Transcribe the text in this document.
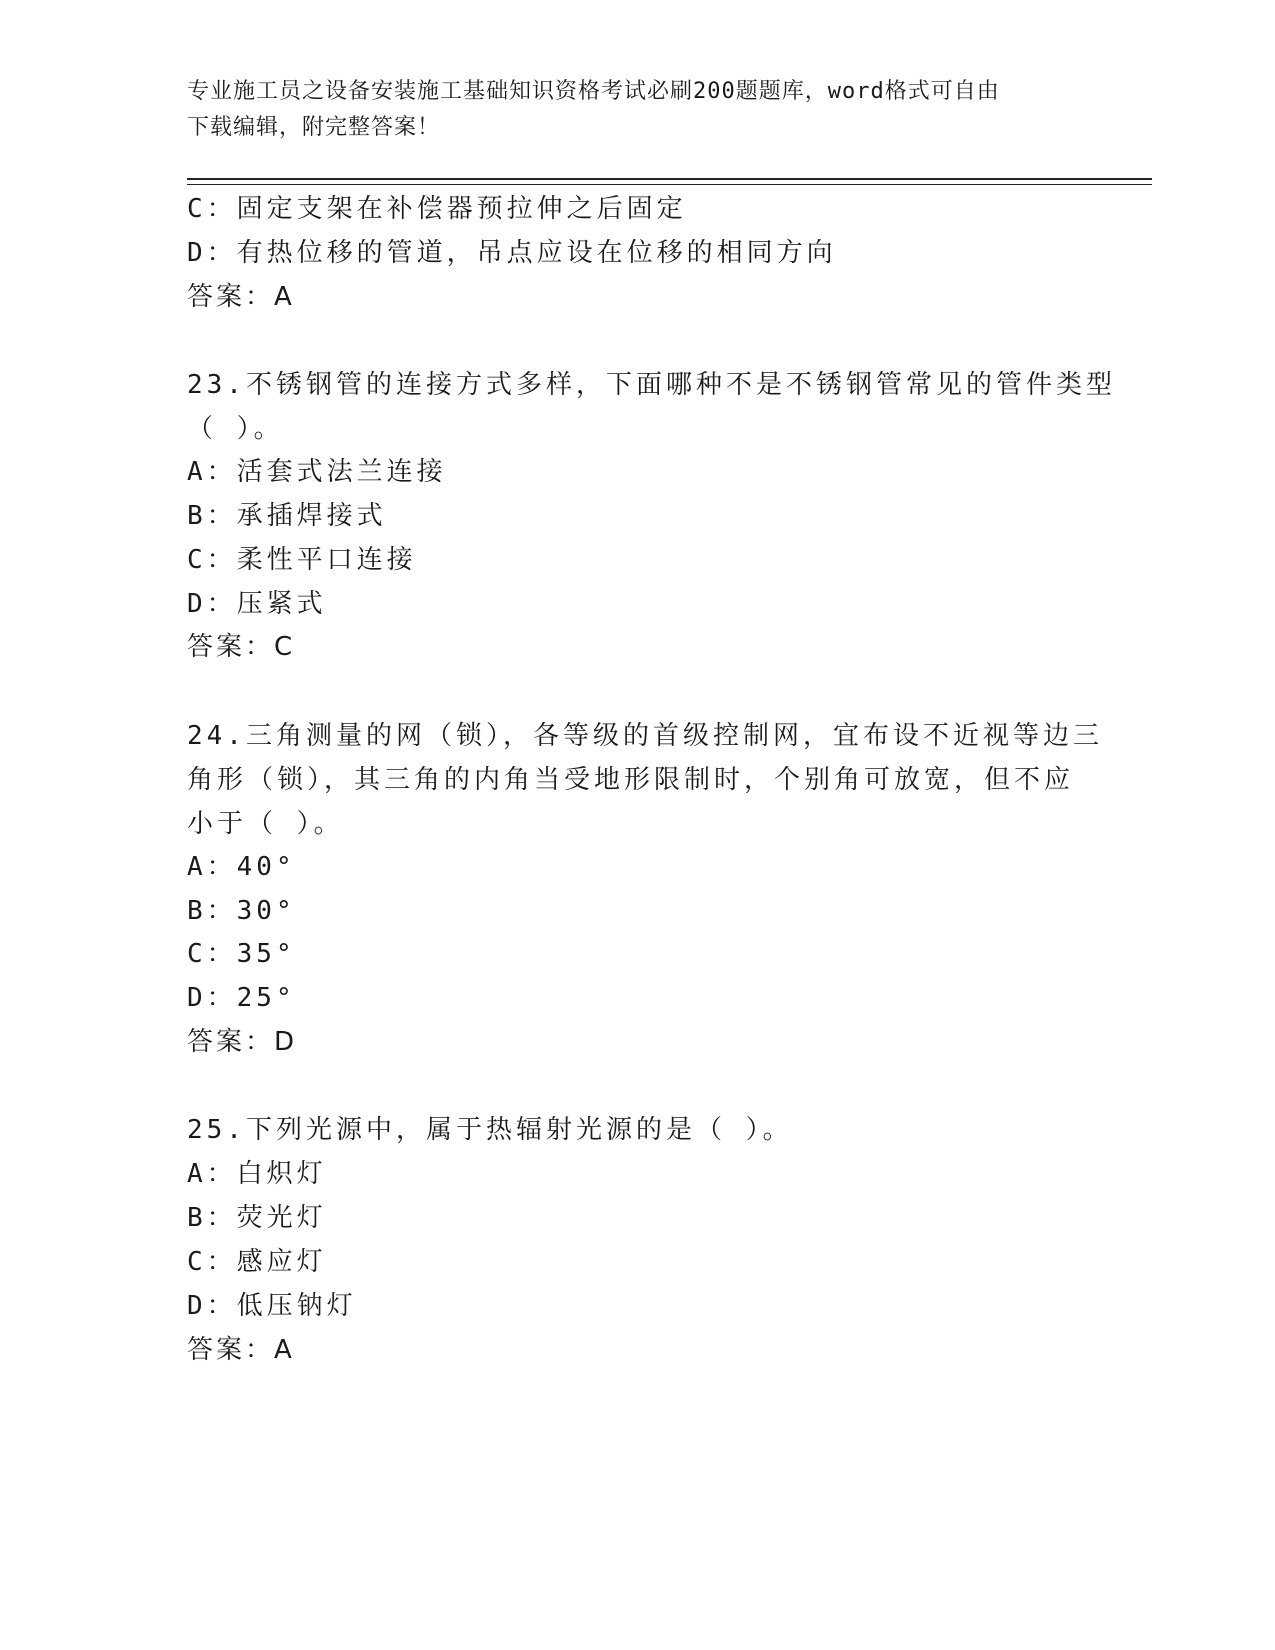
专业施工员之设备安装施工基础知识资格考试必刷200题题库，word格式可自由
下载编辑，附完整答案！
C：固定支架在补偿器预拉伸之后固定
D：有热位移的管道，吊点应设在位移的相同方向
答案：A
23.不锈钢管的连接方式多样，下面哪种不是不锈钢管常见的管件类型
（ ）。
A：活套式法兰连接
B：承插焊接式
C：柔性平口连接
D：压紧式
答案：C
24.三角测量的网（锁），各等级的首级控制网，宜布设不近视等边三
角形（锁），其三角的内角当受地形限制时，个别角可放宽，但不应
小于（ ）。
A：40°
B：30°
C：35°
D：25°
答案：D
25.下列光源中，属于热辐射光源的是（ ）。
A：白炽灯
B：荧光灯
C：感应灯
D：低压钠灯
答案：A
